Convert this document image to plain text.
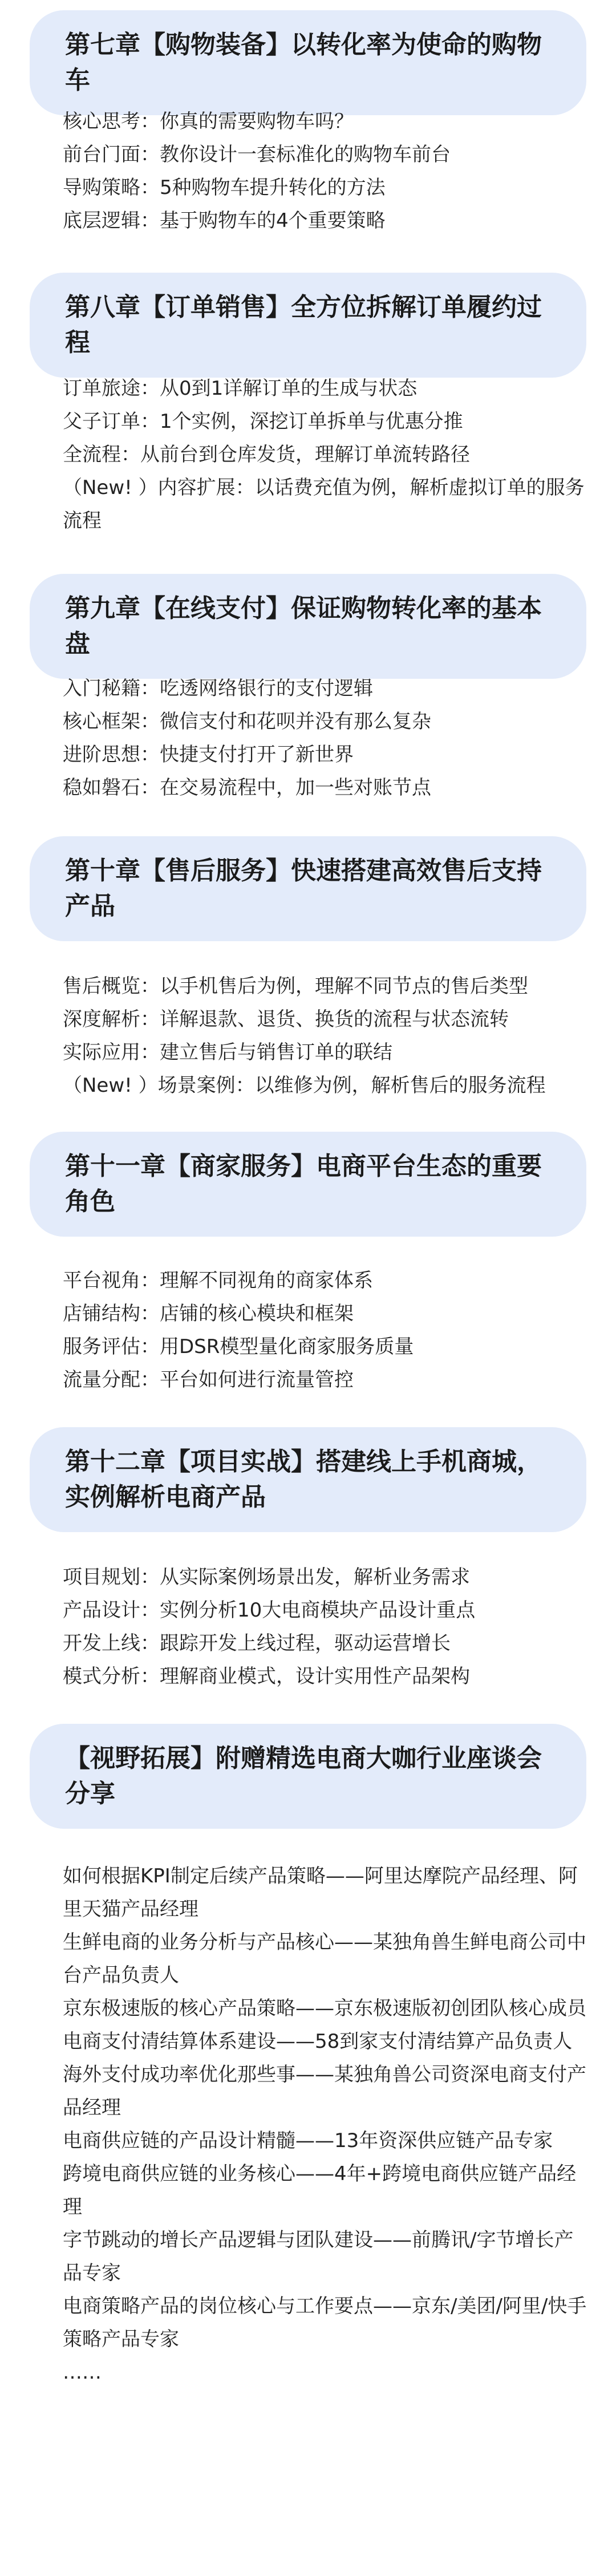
第七章【购物装备】以转化率为使命的购物车
核心思考：你真的需要购物车吗？
前台门面：教你设计一套标准化的购物车前台
导购策略：5种购物车提升转化的方法
底层逻辑：基于购物车的4个重要策略
第八章【订单销售】全方位拆解订单履约过程
订单旅途：从0到1详解订单的生成与状态
父子订单：1个实例，深挖订单拆单与优惠分推
全流程：从前台到仓库发货，理解订单流转路径
（New! ）内容扩展：以话费充值为例，解析虚拟订单的服务流程
第九章【在线支付】保证购物转化率的基本盘
入门秘籍：吃透网络银行的支付逻辑
核心框架：微信支付和花呗并没有那么复杂
进阶思想：快捷支付打开了新世界
稳如磐石：在交易流程中，加一些对账节点
第十章【售后服务】快速搭建高效售后支持产品
售后概览：以手机售后为例，理解不同节点的售后类型
深度解析：详解退款、退货、换货的流程与状态流转
实际应用：建立售后与销售订单的联结
（New! ）场景案例：以维修为例，解析售后的服务流程
第十一章【商家服务】电商平台生态的重要角色
平台视角：理解不同视角的商家体系
店铺结构：店铺的核心模块和框架
服务评估：用DSR模型量化商家服务质量
流量分配：平台如何进行流量管控
第十二章【项目实战】搭建线上手机商城，实例解析电商产品
项目规划：从实际案例场景出发，解析业务需求
产品设计：实例分析10大电商模块产品设计重点
开发上线：跟踪开发上线过程，驱动运营增长
模式分析：理解商业模式，设计实用性产品架构
【视野拓展】附赠精选电商大咖行业座谈会分享
如何根据KPI制定后续产品策略——阿里达摩院产品经理、阿里天猫产品经理
生鲜电商的业务分析与产品核心——某独角兽生鲜电商公司中台产品负责人
京东极速版的核心产品策略——京东极速版初创团队核心成员
电商支付清结算体系建设——58到家支付清结算产品负责人
海外支付成功率优化那些事——某独角兽公司资深电商支付产品经理
电商供应链的产品设计精髓——13年资深供应链产品专家
跨境电商供应链的业务核心——4年+跨境电商供应链产品经理
字节跳动的增长产品逻辑与团队建设——前腾讯/字节增长产品专家
电商策略产品的岗位核心与工作要点——京东/美团/阿里/快手策略产品专家
……
